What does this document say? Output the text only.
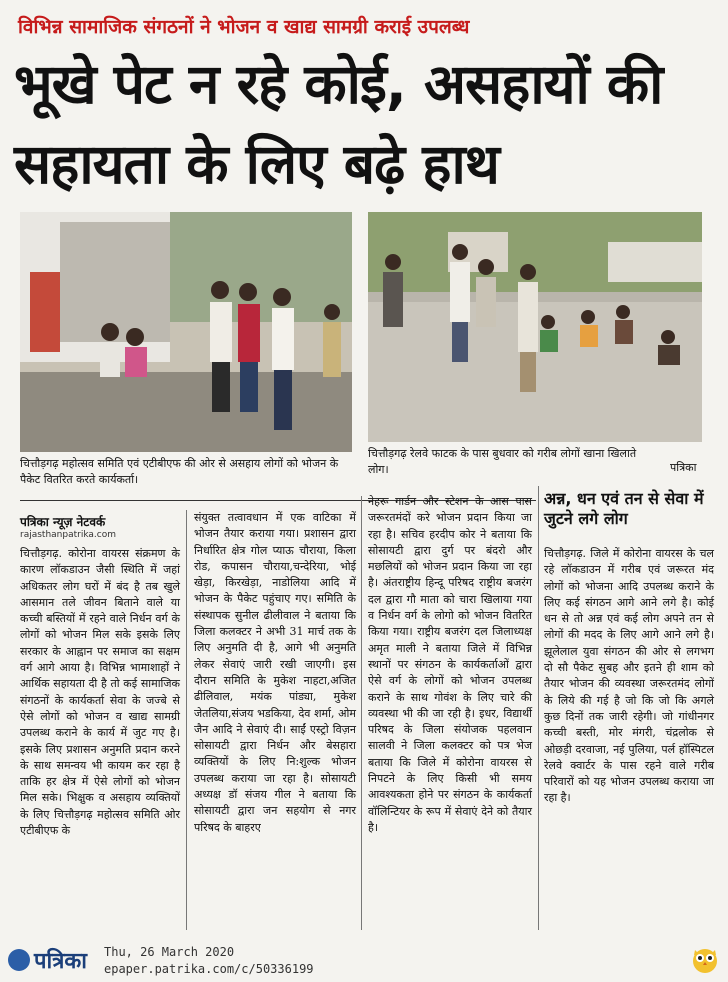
विभिन्न सामाजिक संगठनों ने भोजन व खाद्य सामग्री कराई उपलब्ध
भूखे पेट न रहे कोई, असहायों की सहायता के लिए बढ़े हाथ
चित्तौड़गढ़ महोत्सव समिति एवं एटीबीएफ की ओर से असहाय लोगों को भोजन के पैकेट वितरित करते कार्यकर्ता।
चित्तौड़गढ़ रेलवे फाटक के पास बुधवार को गरीब लोगों खाना खिलाते लोग।	पत्रिका
पत्रिका न्यूज़ नेटवर्क
rajasthanpatrika.com

चित्तौड़गढ़. कोरोना वायरस संक्रमण के कारण लॉकडाउन जैसी स्थिति में जहां अधिकतर लोग घरों में बंद है तब खुले आसमान तले जीवन बिताने वाले या कच्ची बस्तियों में रहने वाले निर्धन वर्ग के लोगों को भोजन मिल सके इसके लिए सरकार के आह्वान पर समाज का सक्षम वर्ग आगे आया है। विभिन्न भामाशाहों ने आर्थिक सहायता दी है तो कई सामाजिक संगठनों के कार्यकर्ता सेवा के जज्बे से ऐसे लोगों को भोजन व खाद्य सामग्री उपलब्ध कराने के कार्य में जुट गए है। इसके लिए प्रशासन अनुमति प्रदान करने के साथ समन्वय भी कायम कर रहा है ताकि हर क्षेत्र में ऐसे लोगों को भोजन मिल सके। भिक्षुक व असहाय व्यक्तियों के लिए चित्तौड़गढ़ महोत्सव समिति ओर एटीबीएफ के

संयुक्त तत्वावधान में एक वाटिका में भोजन तैयार कराया गया। प्रशासन द्वारा निर्धारित क्षेत्र गोल प्याऊ चौराया, किला रोड, कपासन चौराया,चन्देरिया, भोई खेड़ा, किरखेड़ा, नाडोलिया आदि में भोजन के पैकेट पहुंचाए गए। समिति के संस्थापक सुनील ढीलीवाल ने बताया कि जिला कलक्टर ने अभी 31 मार्च तक के लिए अनुमति दी है, आगे भी अनुमति लेकर सेवाएं जारी रखी जाएगी। इस दौरान समिति के मुकेश नाहटा,अजित ढीलिवाल, मयंक पांड्या, मुकेश जेतलिया,संजय भडकिया, देव शर्मा, ओम जैन आदि ने सेवाएं दी। साईं एस्ट्रो विज़न सोसायटी द्वारा निर्धन और बेसहारा व्यक्तियों के लिए नि:शुल्क भोजन उपलब्ध कराया जा रहा है। सोसायटी अध्यक्ष डॉ संजय गील ने बताया कि सोसायटी द्वारा जन सहयोग से नगर परिषद के बाहरए

नेहरू गार्डन और स्टेशन के आस पास जरूरतमंदों करे भोजन प्रदान किया जा रहा है। सचिव हरदीप कोर ने बताया कि सोसायटी द्वारा दुर्ग पर बंदरो और मछलियों को भोजन प्रदान किया जा रहा है। अंतराष्ट्रीय हिन्दू परिषद राष्ट्रीय बजरंग दल द्वारा गौ माता को चारा खिलाया गया व निर्धन वर्ग के लोगो को भोजन वितरित किया गया। राष्ट्रीय बजरंग दल जिलाध्यक्ष अमृत माली ने बताया जिले में विभिन्न स्थानों पर संगठन के कार्यकर्ताओं द्वारा ऐसे वर्ग के लोगों को भोजन उपलब्ध कराने के साथ गोवंश के लिए चारे की व्यवस्था भी की जा रही है। इधर, विद्यार्थी परिषद के जिला संयोजक पहलवान सालवी ने जिला कलक्टर को पत्र भेज बताया कि जिले में कोरोना वायरस से निपटने के लिए किसी भी समय आवश्यकता होने पर संगठन के कार्यकर्ता वॉलिन्टियर के रूप में सेवाएं देने को तैयार है।

अन्न, धन एवं तन से सेवा में जुटने लगे लोग

चित्तौड़गढ़. जिले में कोरोना वायरस के चल रहे लॉकडाउन में गरीब एवं जरूरत मंद लोगों को भोजना आदि उपलब्ध कराने के लिए कई संगठन आगे आने लगे है। कोई धन से तो अन्न एवं कई लोग अपने तन से लोगों की मदद के लिए आगे आने लगे है। झूलेलाल युवा संगठन की ओर से लगभग दो सौ पैकेट सुबह और इतने ही शाम को तैयार भोजन की व्यवस्था जरूरतमंद लोगों के लिये की गई है जो कि जो कि अगले कुछ दिनों तक जारी रहेगी। जो गांधीनगर कच्ची बस्ती, मोर मंगरी, चंद्रलोक से ओछड़ी दरवाजा, नई पुलिया, पर्ल हॉस्पिटल रेलवे क्वार्टर के पास रहने वाले गरीब परिवारों को यह भोजन उपलब्ध कराया जा रहा है।

पत्रिका Thu, 26 March 2020
epaper.patrika.com/c/50336199
